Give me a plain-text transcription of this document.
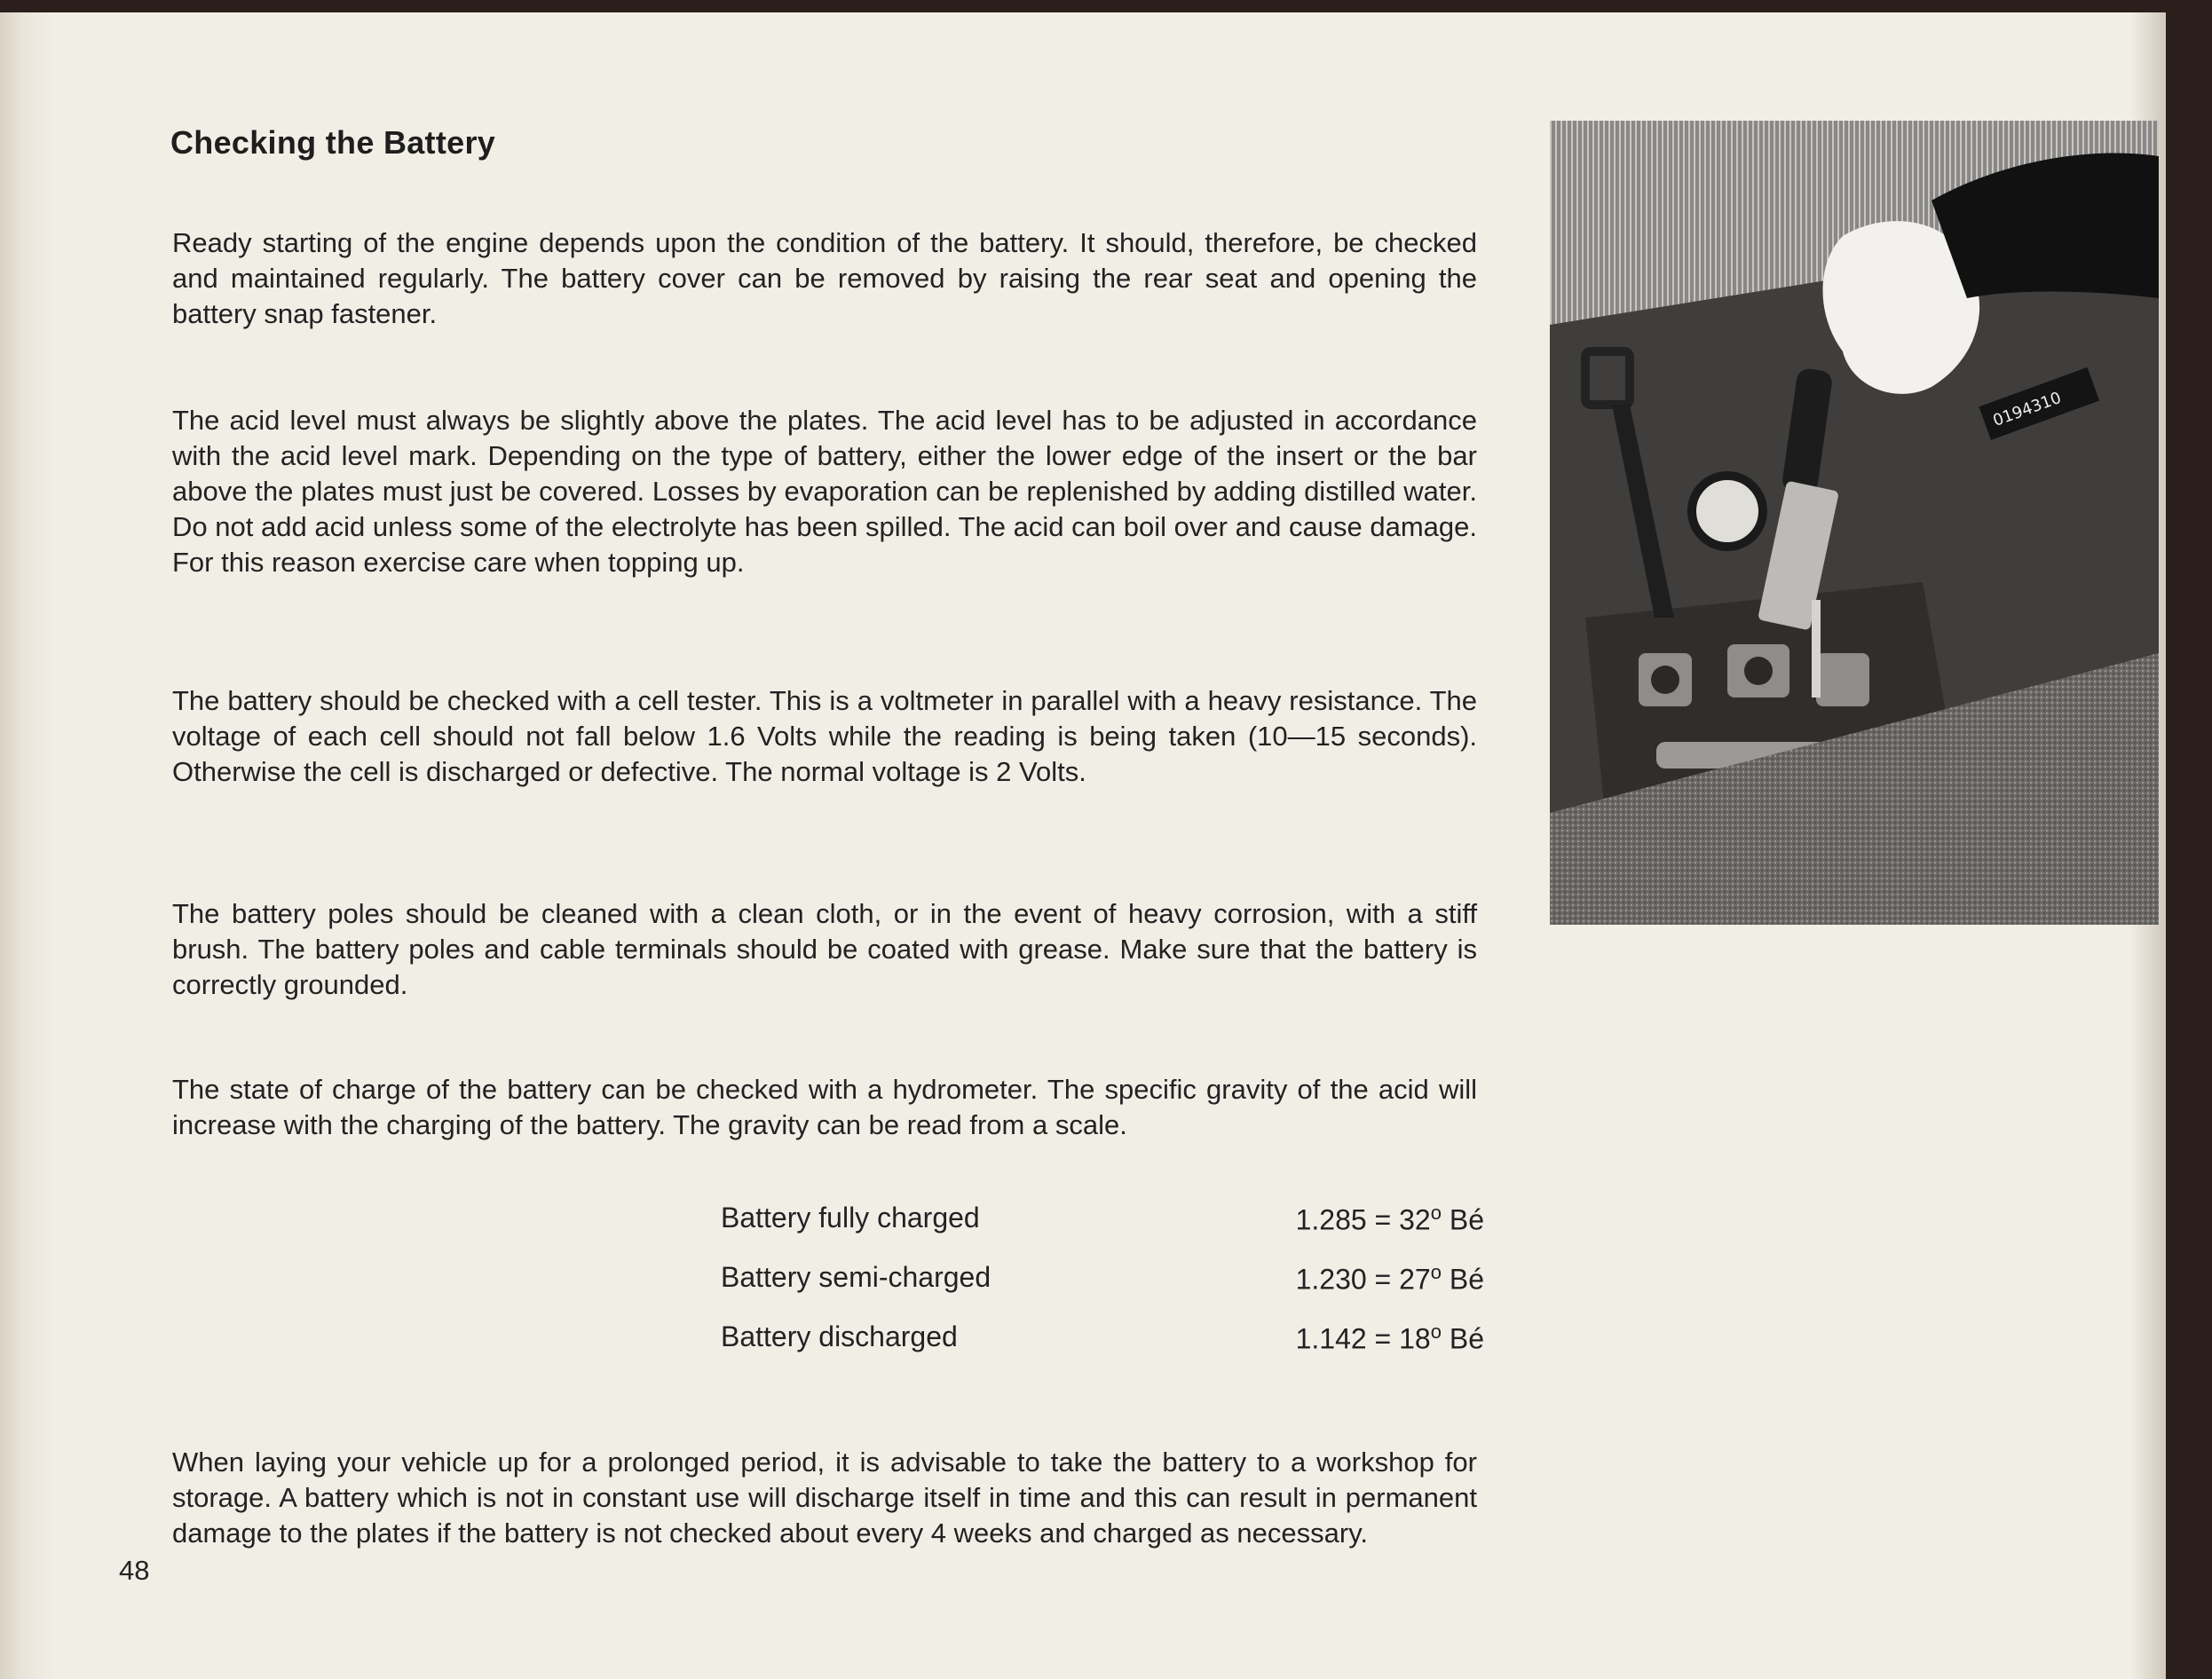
Checking the Battery

Ready starting of the engine depends upon the condition of the battery. It should, therefore, be checked and maintained regularly. The battery cover can be removed by raising the rear seat and opening the battery snap fastener.

The acid level must always be slightly above the plates. The acid level has to be adjusted in accordance with the acid level mark. Depending on the type of battery, either the lower edge of the insert or the bar above the plates must just be covered. Losses by evaporation can be replenished by adding distilled water. Do not add acid unless some of the electrolyte has been spilled. The acid can boil over and cause damage. For this reason exercise care when topping up.

The battery should be checked with a cell tester. This is a voltmeter in parallel with a heavy resistance. The voltage of each cell should not fall below 1.6 Volts while the reading is being taken (10—15 seconds). Otherwise the cell is discharged or defective. The normal voltage is 2 Volts.

The battery poles should be cleaned with a clean cloth, or in the event of heavy corrosion, with a stiff brush. The battery poles and cable terminals should be coated with grease. Make sure that the battery is correctly grounded.

The state of charge of the battery can be checked with a hydrometer. The specific gravity of the acid will increase with the charging of the battery. The gravity can be read from a scale.

Battery fully charged	$1.285 = 32^o$ Bé
Battery semi-charged	$1.230 = 27^o$ Bé
Battery discharged	$1.142 = 18^o$ Bé

When laying your vehicle up for a prolonged period, it is advisable to take the battery to a workshop for storage. A battery which is not in constant use will discharge itself in time and this can result in permanent damage to the plates if the battery is not checked about every 4 weeks and charged as necessary.

48
0194310
